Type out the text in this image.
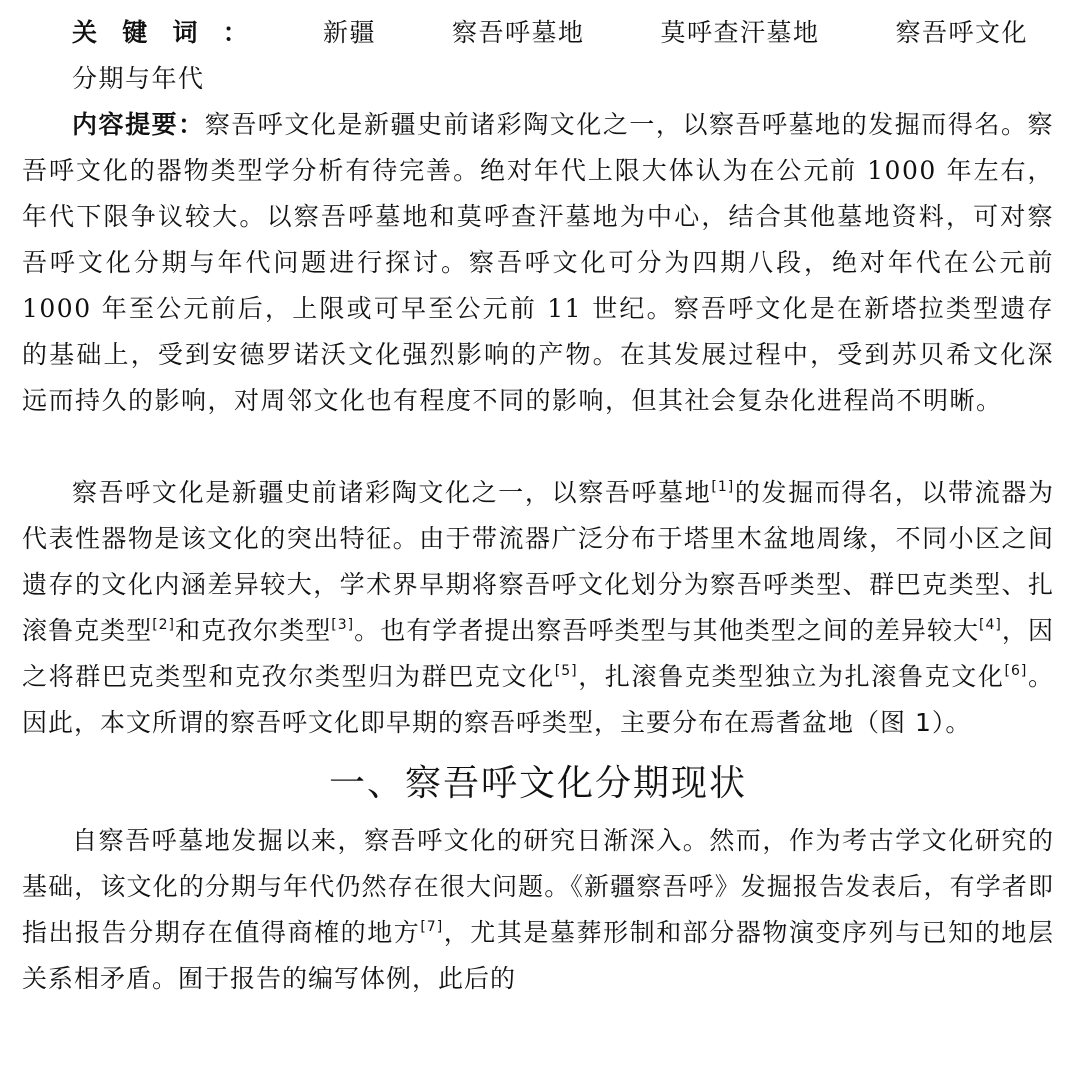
关键词： 新疆	察吾呼墓地	莫呼查汗墓地	察吾呼文化分期与年代

内容提要：察吾呼文化是新疆史前诸彩陶文化之一，以察吾呼墓地的发掘而得名。察吾呼文化的器物类型学分析有待完善。绝对年代上限大体认为在公元前 1000 年左右，年代下限争议较大。以察吾呼墓地和莫呼查汗墓地为中心，结合其他墓地资料，可对察吾呼文化分期与年代问题进行探讨。察吾呼文化可分为四期八段，绝对年代在公元前 1000 年至公元前后，上限或可早至公元前 11 世纪。察吾呼文化是在新塔拉类型遗存的基础上，受到安德罗诺沃文化强烈影响的产物。在其发展过程中，受到苏贝希文化深远而持久的影响，对周邻文化也有程度不同的影响，但其社会复杂化进程尚不明晰。

察吾呼文化是新疆史前诸彩陶文化之一，以察吾呼墓地[1]的发掘而得名，以带流器为代表性器物是该文化的突出特征。由于带流器广泛分布于塔里木盆地周缘，不同小区之间遗存的文化内涵差异较大，学术界早期将察吾呼文化划分为察吾呼类型、群巴克类型、扎滚鲁克类型[2]和克孜尔类型[3]。也有学者提出察吾呼类型与其他类型之间的差异较大[4]，因之将群巴克类型和克孜尔类型归为群巴克文化[5]，扎滚鲁克类型独立为扎滚鲁克文化[6]。因此，本文所谓的察吾呼文化即早期的察吾呼类型，主要分布在焉耆盆地（图 1）。

一、察吾呼文化分期现状

自察吾呼墓地发掘以来，察吾呼文化的研究日渐深入。然而，作为考古学文化研究的基础，该文化的分期与年代仍然存在很大问题。《新疆察吾呼》发掘报告发表后，有学者即指出报告分期存在值得商榷的地方[7]，尤其是墓葬形制和部分器物演变序列与已知的地层关系相矛盾。囿于报告的编写体例，此后的
